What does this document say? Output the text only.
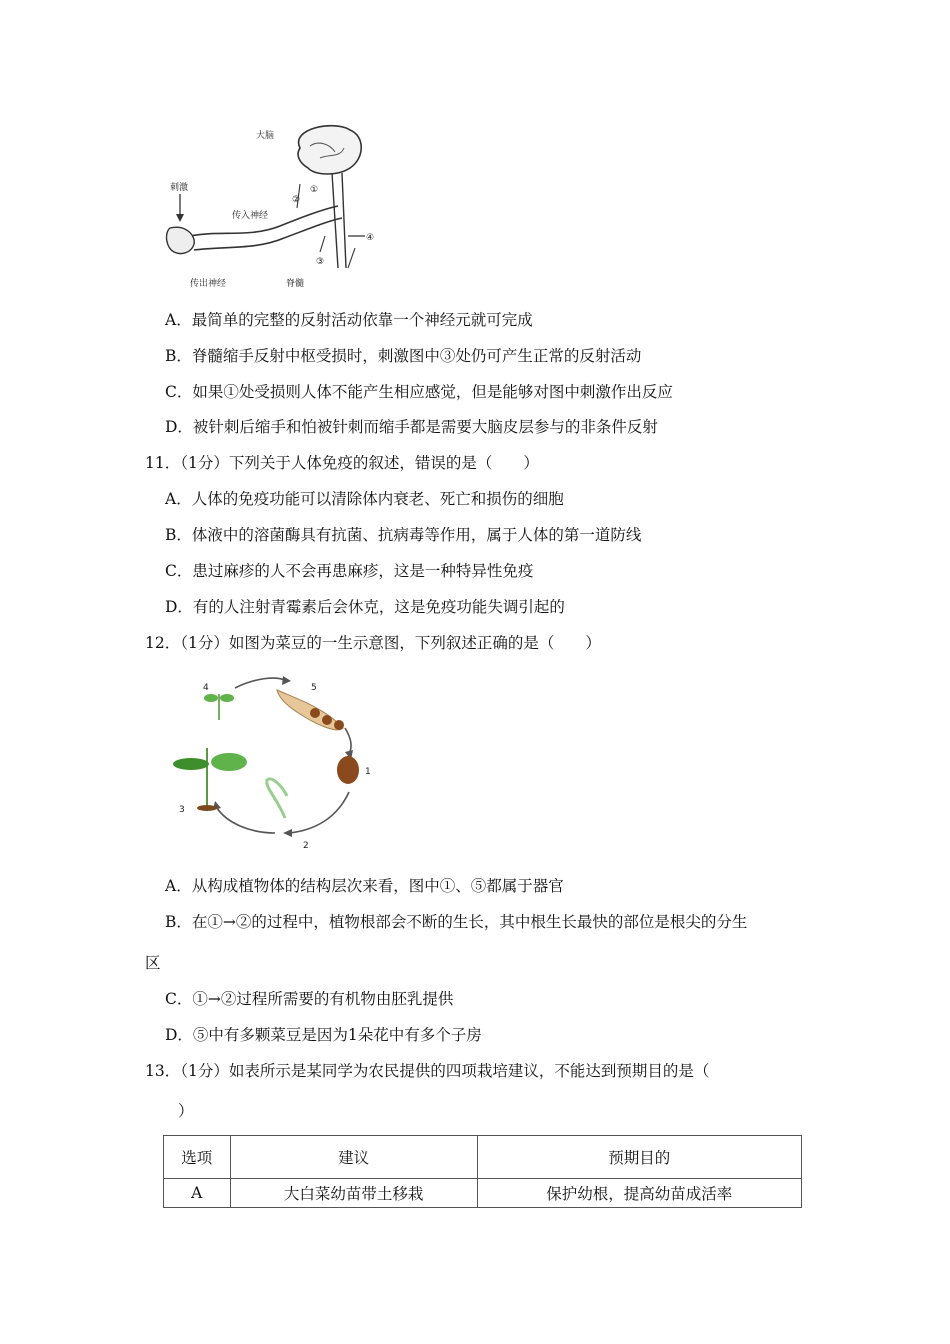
大脑
刺激
传入神经
传出神经	脊髓
①
②
③
④
A．最简单的完整的反射活动依靠一个神经元就可完成
B．脊髓缩手反射中枢受损时，刺激图中③处仍可产生正常的反射活动
C．如果①处受损则人体不能产生相应感觉，但是能够对图中刺激作出反应
D．被针刺后缩手和怕被针刺而缩手都是需要大脑皮层参与的非条件反射
11．（1分）下列关于人体免疫的叙述，错误的是（　　）
A．人体的免疫功能可以清除体内衰老、死亡和损伤的细胞
B．体液中的溶菌酶具有抗菌、抗病毒等作用，属于人体的第一道防线
C．患过麻疹的人不会再患麻疹，这是一种特异性免疫
D．有的人注射青霉素后会休克，这是免疫功能失调引起的
12．（1分）如图为菜豆的一生示意图，下列叙述正确的是（　　）
4	5
1
3
2
A．从构成植物体的结构层次来看，图中①、⑤都属于器官
B．在①→②的过程中，植物根部会不断的生长，其中根生长最快的部位是根尖的分生
区
C．①→②过程所需要的有机物由胚乳提供
D．⑤中有多颗菜豆是因为1朵花中有多个子房
13．（1分）如表所示是某同学为农民提供的四项栽培建议，不能达到预期目的是（
）
选项	建议	预期目的
A	大白菜幼苗带土移栽	保护幼根，提高幼苗成活率
